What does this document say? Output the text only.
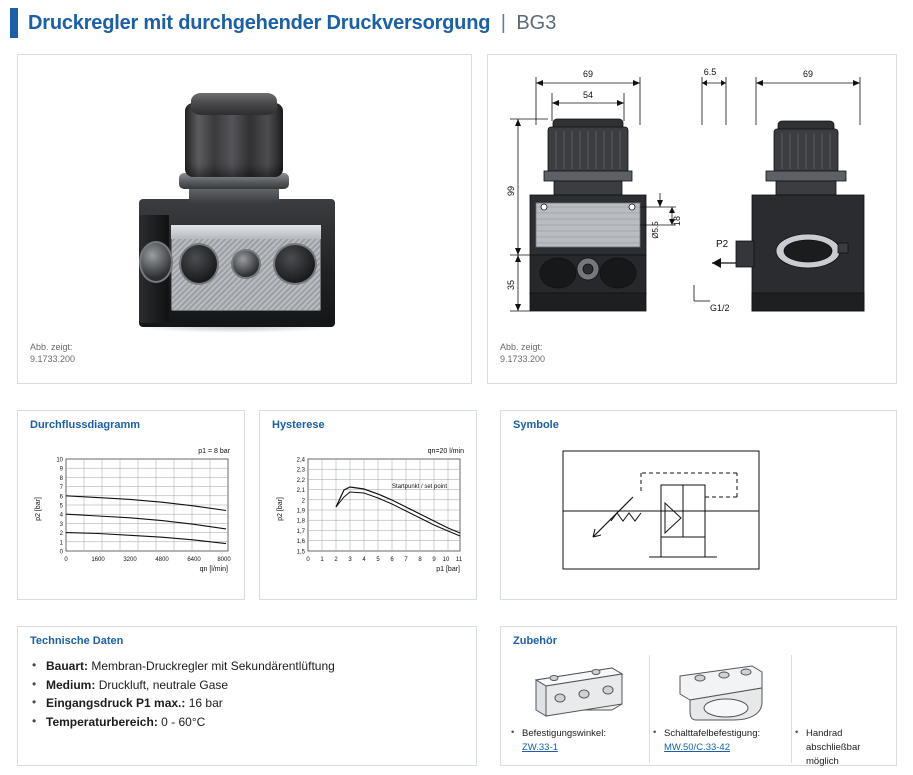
Druckregler mit durchgehender Druckversorgung | BG3
Abb. zeigt:
9.1733.200
69
54
99
35
Ø5.5
18
P2
G1/2
6.5	69
Abb. zeigt:
9.1733.200
Durchflussdiagramm
p1 = 8 bar
p2 [bar]
10
9
8
7
6
5
4
3
2
1
0
0	1600	3200	4800	6400	8000
qn [l/min]
Hysterese
qn=20 l/min
p2 [bar]
2,4
2,3
2,2
2,1
2
1,9
1,8
1,7
1,6
1,5
0 1 2 3 4 5 6 7 8 9 10 11
p1 [bar]
Startpunkt / set point
Symbole
Technische Daten
• Bauart: Membran-Druckregler mit Sekundärentlüftung
• Medium: Druckluft, neutrale Gase
• Eingangsdruck P1 max.: 16 bar
• Temperaturbereich: 0 - 60°C
Zubehör
• Befestigungswinkel:
ZW.33-1
• Schalttafelbefestigung:
MW.50/C.33-42
• Handrad abschließbar möglich
